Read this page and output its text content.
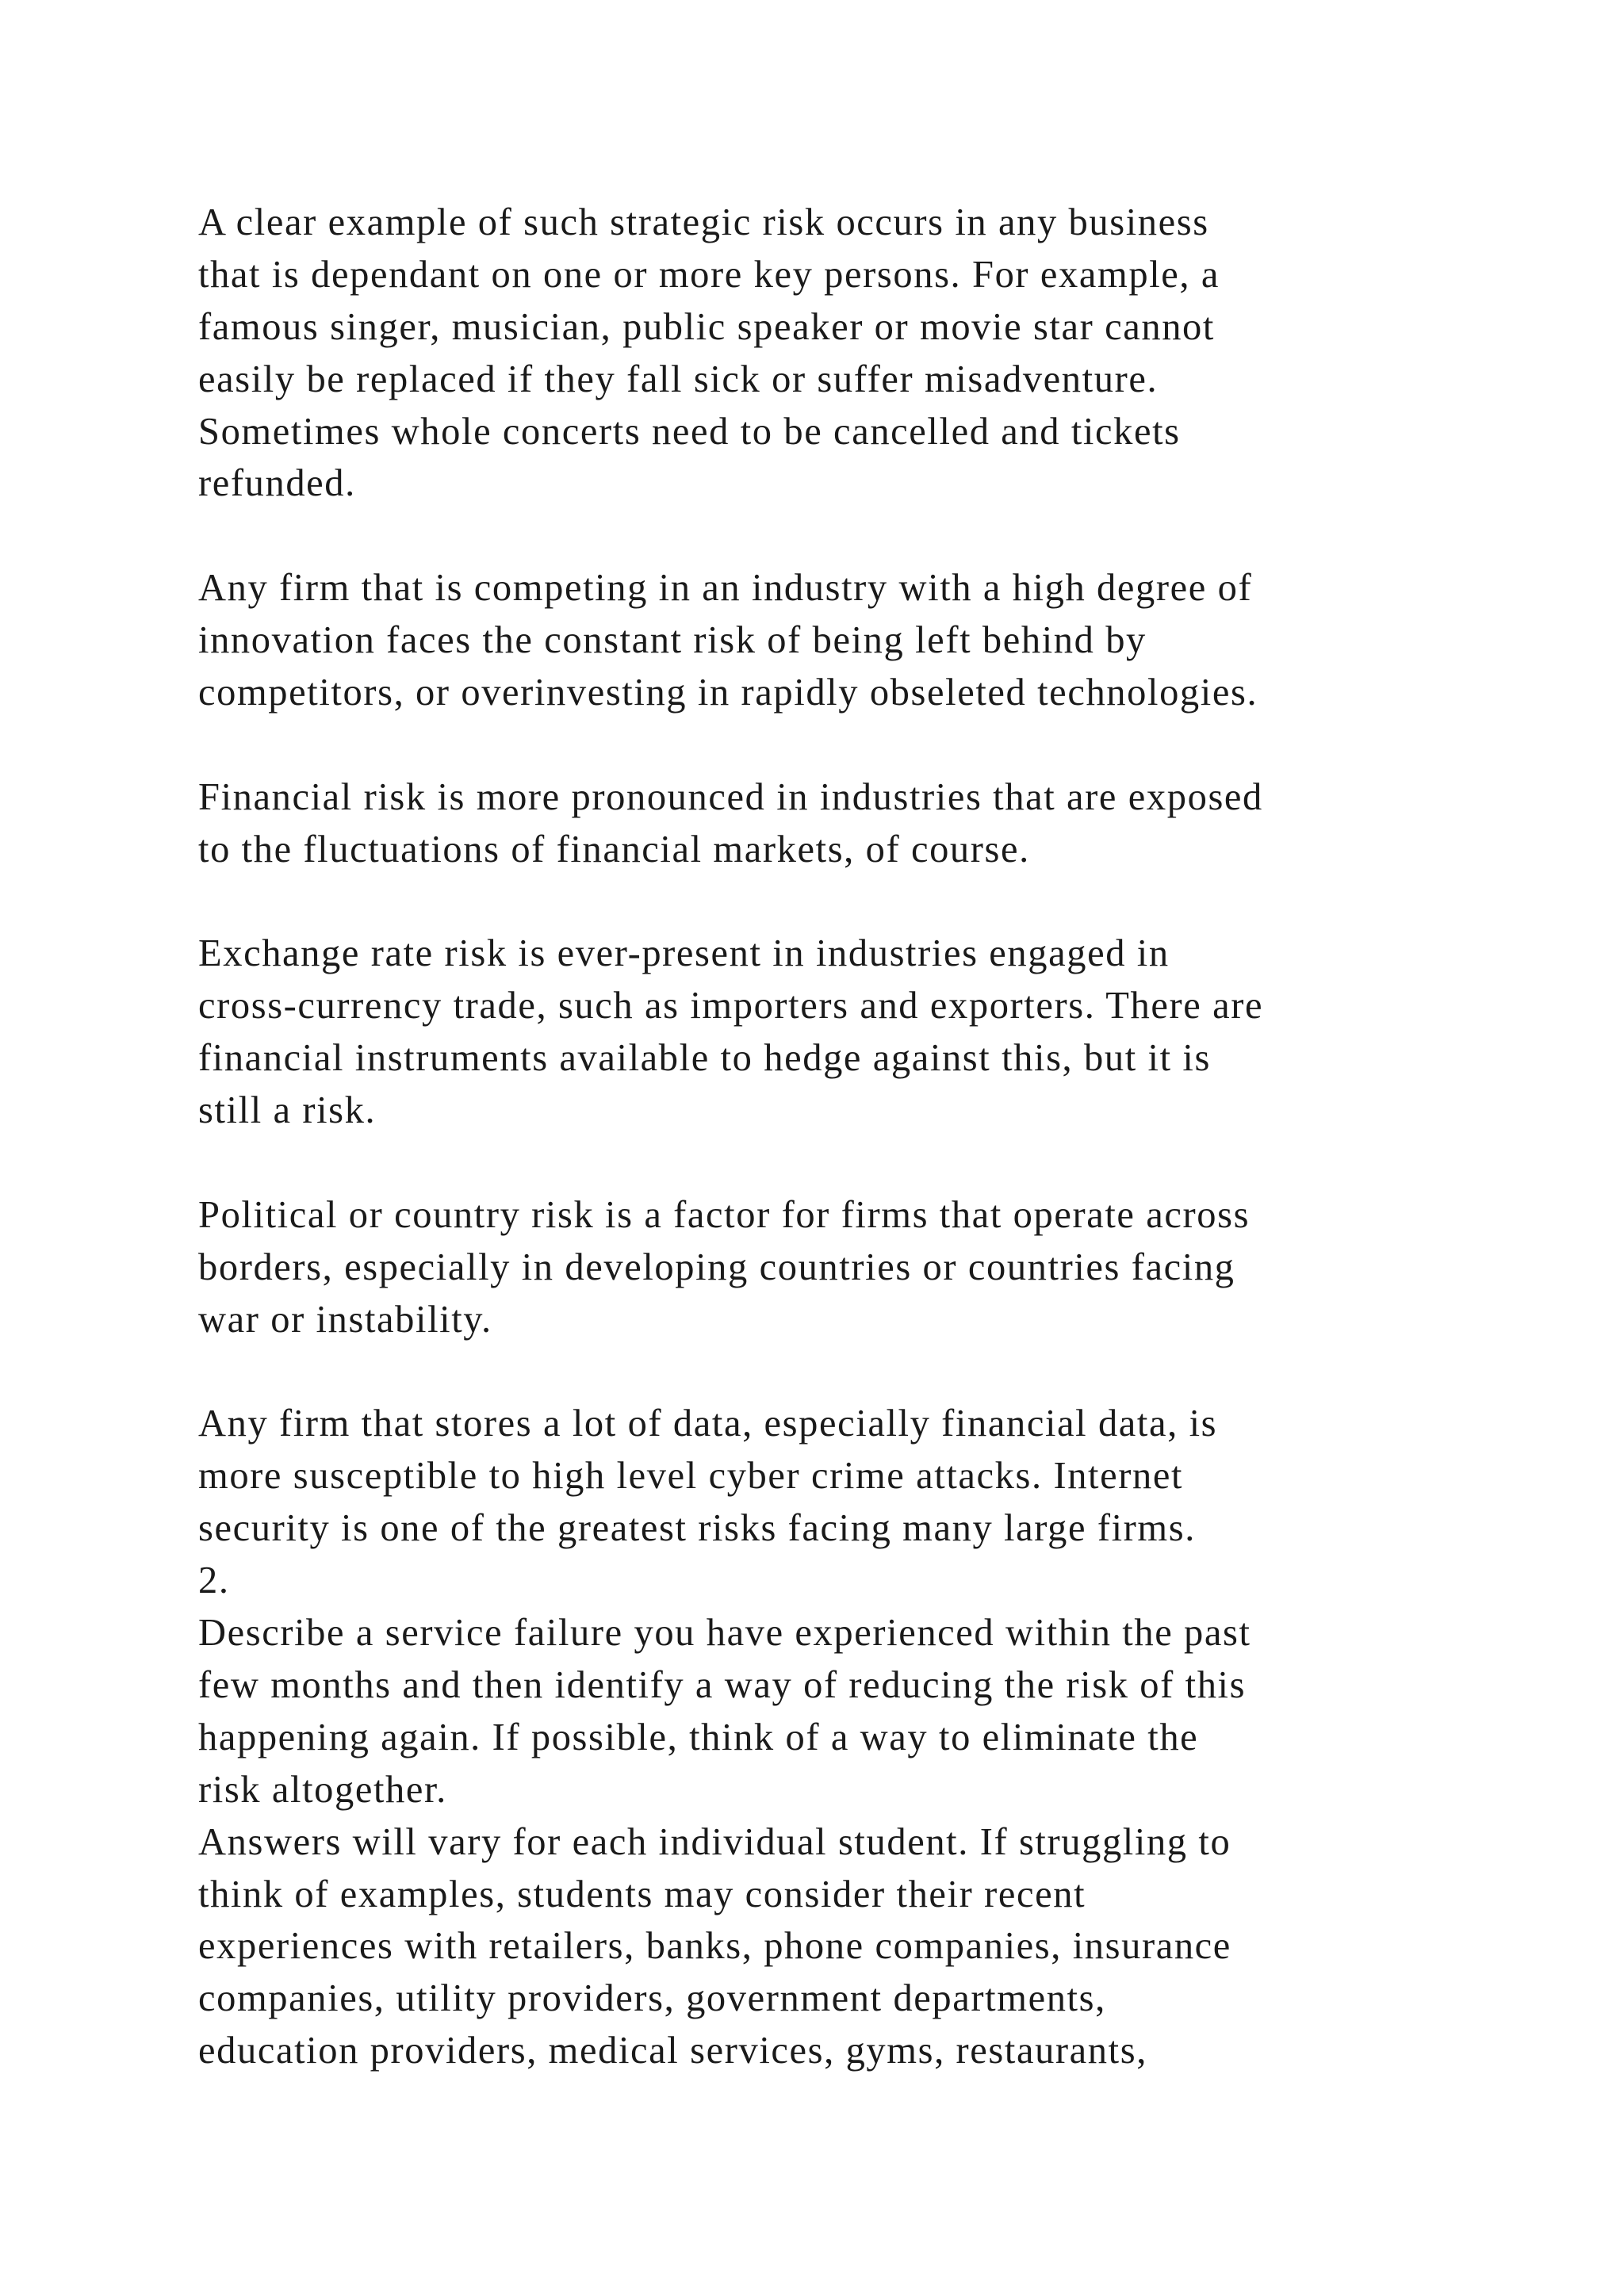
A clear example of such strategic risk occurs in any business
that is dependant on one or more key persons. For example, a
famous singer, musician, public speaker or movie star cannot
easily be replaced if they fall sick or suffer misadventure.
Sometimes whole concerts need to be cancelled and tickets
refunded.
Any firm that is competing in an industry with a high degree of
innovation faces the constant risk of being left behind by
competitors, or overinvesting in rapidly obseleted technologies.
Financial risk is more pronounced in industries that are exposed
to the fluctuations of financial markets, of course.
Exchange rate risk is ever-present in industries engaged in
cross-currency trade, such as importers and exporters. There are
financial instruments available to hedge against this, but it is
still a risk.
Political or country risk is a factor for firms that operate across
borders, especially in developing countries or countries facing
war or instability.
Any firm that stores a lot of data, especially financial data, is
more susceptible to high level cyber crime attacks. Internet
security is one of the greatest risks facing many large firms.
2.
Describe a service failure you have experienced within the past
few months and then identify a way of reducing the risk of this
happening again. If possible, think of a way to eliminate the
risk altogether.
Answers will vary for each individual student. If struggling to
think of examples, students may consider their recent
experiences with retailers, banks, phone companies, insurance
companies, utility providers, government departments,
education providers, medical services, gyms, restaurants,
